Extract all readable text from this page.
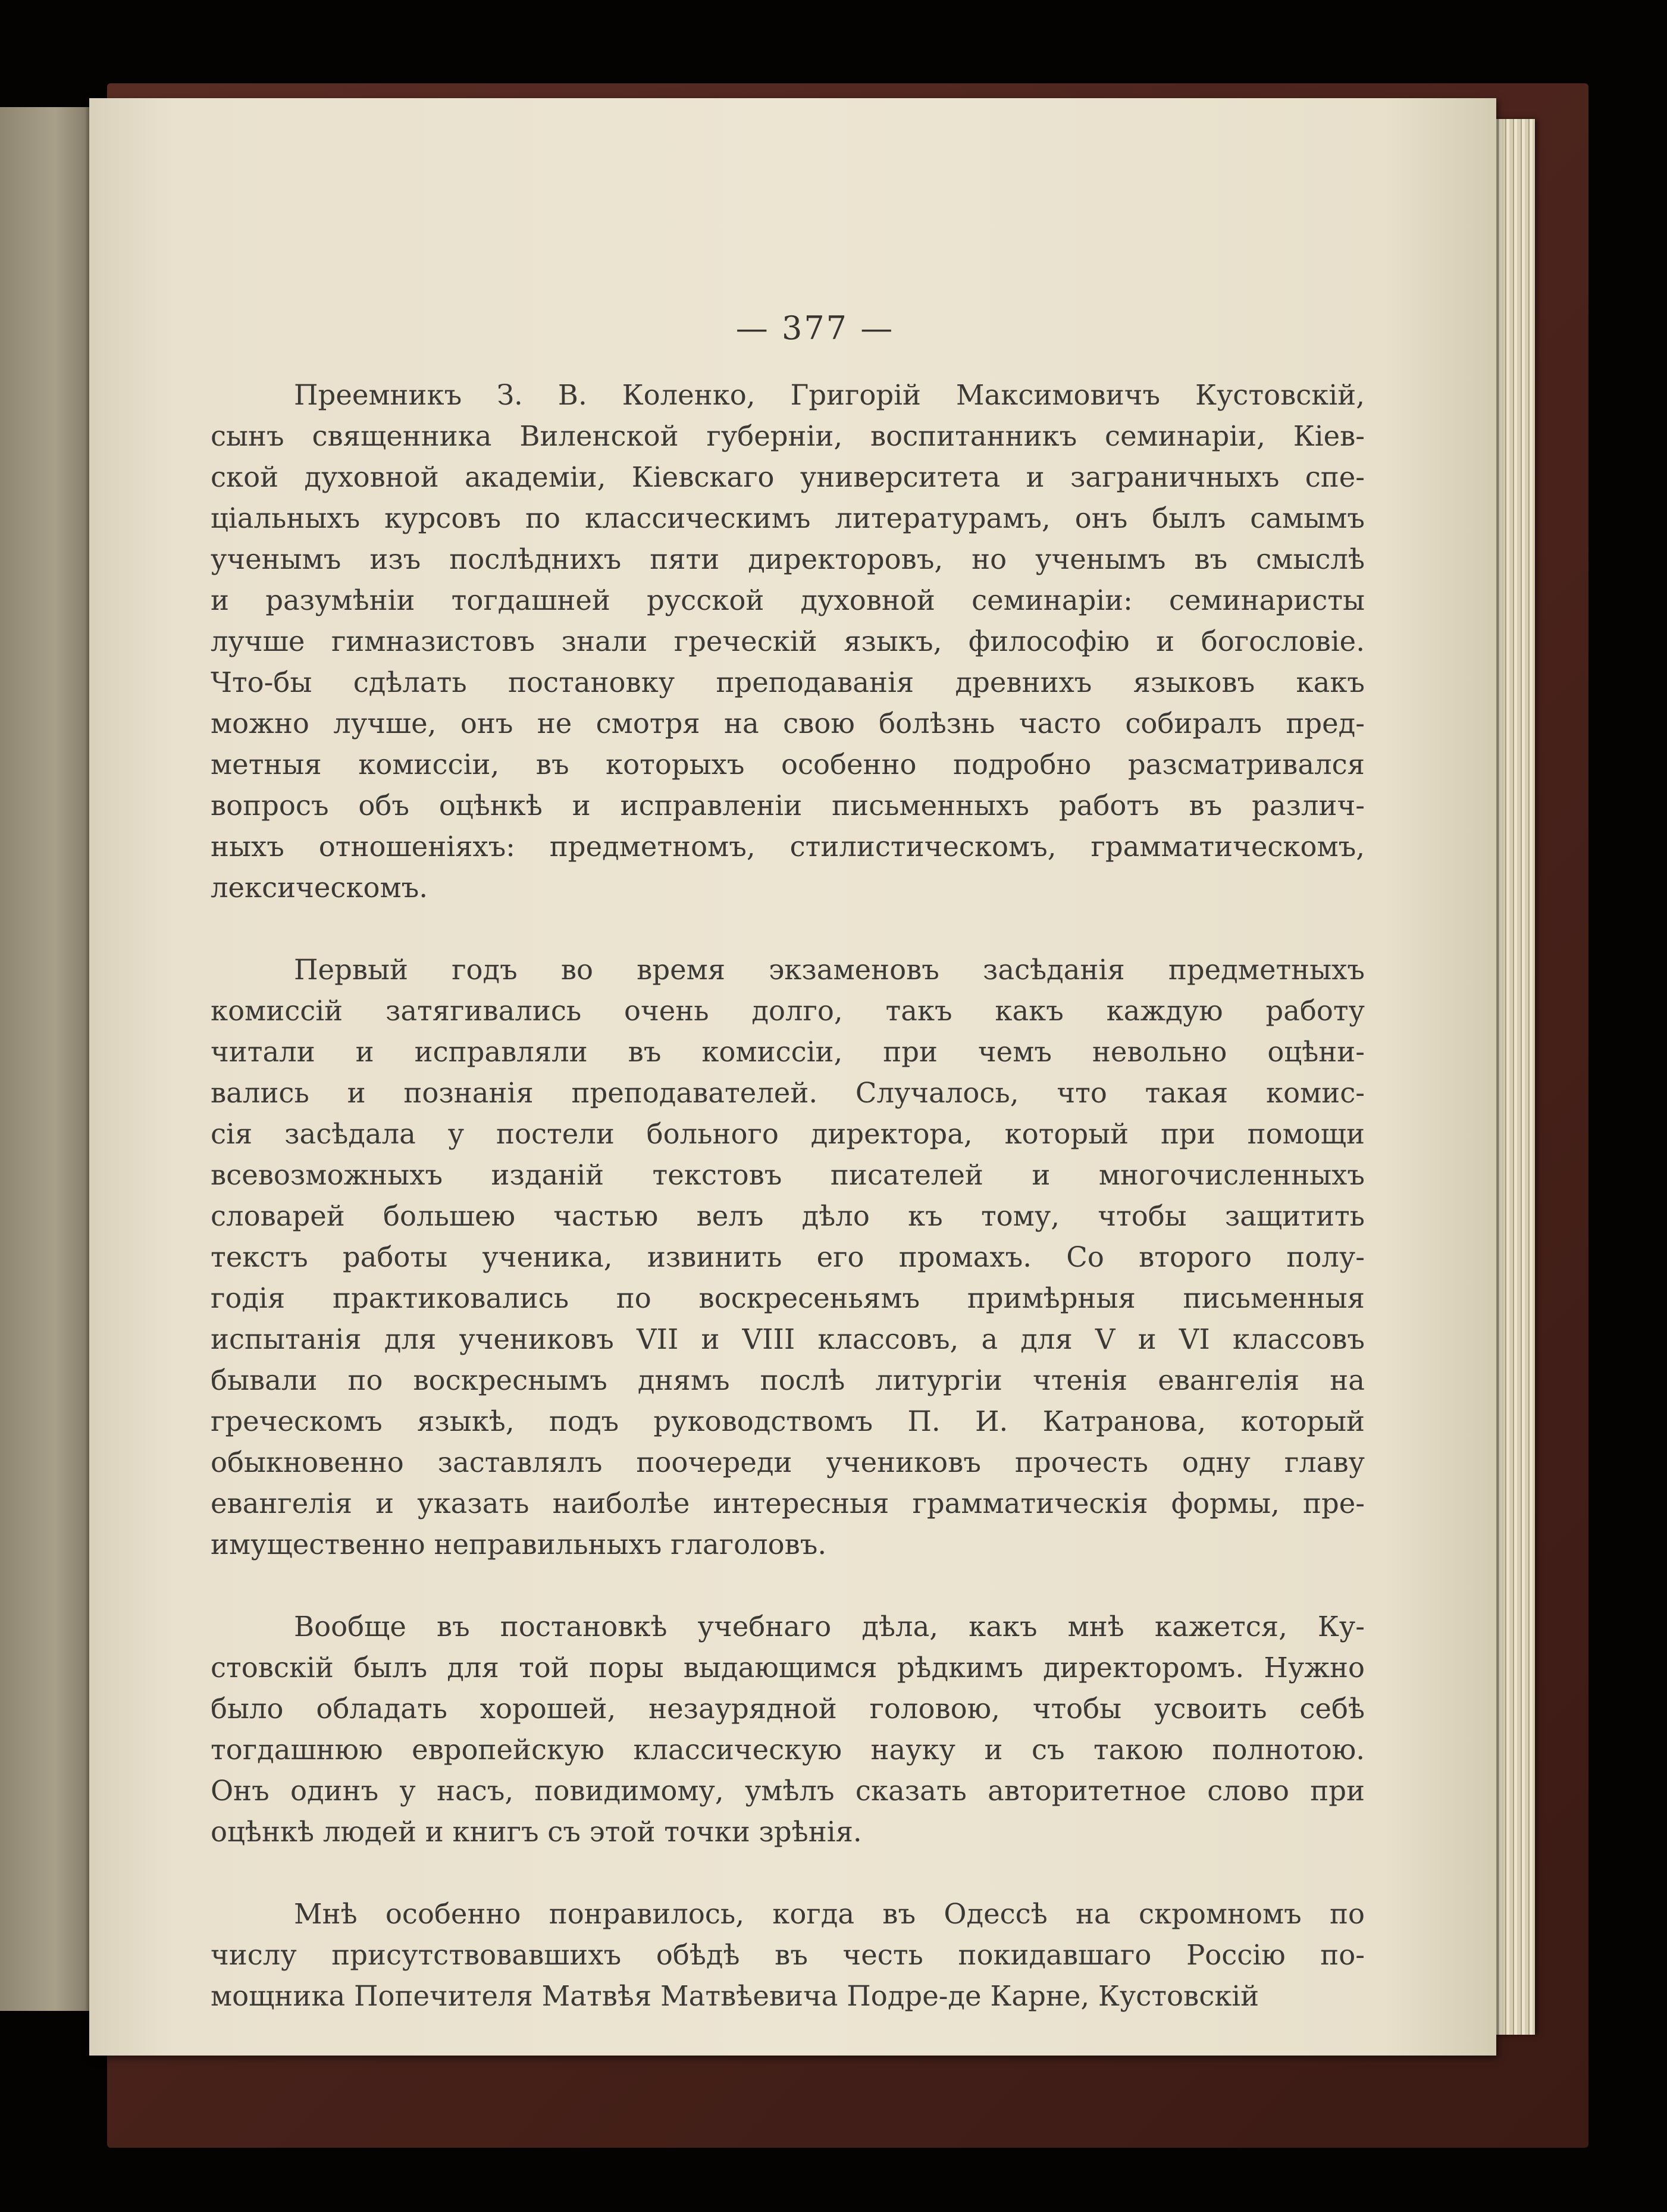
— 377 —
Преемникъ З. В. Коленко, Григорій Максимовичъ Кустовскій,
сынъ священника Виленской губерніи, воспитанникъ семинаріи, Кіев-
ской духовной академіи, Кіевскаго университета и заграничныхъ спе-
ціальныхъ курсовъ по классическимъ литературамъ, онъ былъ самымъ
ученымъ изъ послѣднихъ пяти директоровъ, но ученымъ въ смыслѣ
и разумѣніи тогдашней русской духовной семинаріи: семинаристы
лучше гимназистовъ знали греческій языкъ, философію и богословіе.
Что-бы сдѣлать постановку преподаванія древнихъ языковъ какъ
можно лучше, онъ не смотря на свою болѣзнь часто собиралъ пред-
метныя комиссіи, въ которыхъ особенно подробно разсматривался
вопросъ объ оцѣнкѣ и исправленіи письменныхъ работъ въ различ-
ныхъ отношеніяхъ: предметномъ, стилистическомъ, грамматическомъ,
лексическомъ.
Первый годъ во время экзаменовъ засѣданія предметныхъ
комиссій затягивались очень долго, такъ какъ каждую работу
читали и исправляли въ комиссіи, при чемъ невольно оцѣни-
вались и познанія преподавателей. Случалось, что такая комис-
сія засѣдала у постели больного директора, который при помощи
всевозможныхъ изданій текстовъ писателей и многочисленныхъ
словарей большею частью велъ дѣло къ тому, чтобы защитить
текстъ работы ученика, извинить его промахъ. Со второго полу-
годія практиковались по воскресеньямъ примѣрныя письменныя
испытанія для учениковъ VII и VIII классовъ, а для V и VI классовъ
бывали по воскреснымъ днямъ послѣ литургіи чтенія евангелія на
греческомъ языкѣ, подъ руководствомъ П. И. Катранова, который
обыкновенно заставлялъ поочереди учениковъ прочесть одну главу
евангелія и указать наиболѣе интересныя грамматическія формы, пре-
имущественно неправильныхъ глаголовъ.
Вообще въ постановкѣ учебнаго дѣла, какъ мнѣ кажется, Ку-
стовскій былъ для той поры выдающимся рѣдкимъ директоромъ. Нужно
было обладать хорошей, незаурядной головою, чтобы усвоить себѣ
тогдашнюю европейскую классическую науку и съ такою полнотою.
Онъ одинъ у насъ, повидимому, умѣлъ сказать авторитетное слово при
оцѣнкѣ людей и книгъ съ этой точки зрѣнія.
Мнѣ особенно понравилось, когда въ Одессѣ на скромномъ по
числу присутствовавшихъ обѣдѣ въ честь покидавшаго Россію по-
мощника Попечителя Матвѣя Матвѣевича Подре-де Карне, Кустовскій
